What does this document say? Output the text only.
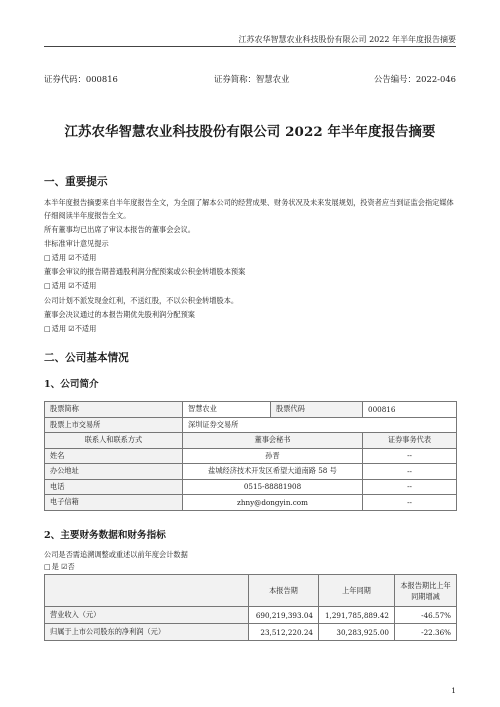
江苏农华智慧农业科技股份有限公司 2022 年半年度报告摘要
证券代码：000816	证券简称：智慧农业	公告编号：2022-046
江苏农华智慧农业科技股份有限公司 2022 年半年度报告摘要
一、重要提示
本半年度报告摘要来自半年度报告全文，为全面了解本公司的经营成果、财务状况及未来发展规划，投资者应当到证监会指定媒体仔细阅读半年度报告全文。
所有董事均已出席了审议本报告的董事会会议。
非标准审计意见提示
□适用 ☑不适用
董事会审议的报告期普通股利润分配预案或公积金转增股本预案
□适用 ☑不适用
公司计划不派发现金红利，不送红股，不以公积金转增股本。
董事会决议通过的本报告期优先股利润分配预案
□适用 ☑不适用
二、公司基本情况
1、公司简介
股票简称	智慧农业	股票代码	000816
股票上市交易所	深圳证券交易所		
联系人和联系方式	董事会秘书		证券事务代表
姓名	孙晋		--
办公地址	盐城经济技术开发区希望大道南路 58 号		--
电话	0515-88881908		--
电子信箱	zhny@dongyin.com		--
2、主要财务数据和财务指标
公司是否需追溯调整或重述以前年度会计数据
□是 ☑否
	本报告期	上年同期	本报告期比上年同期增减
营业收入（元）	690,219,393.04	1,291,785,889.42	-46.57%
归属于上市公司股东的净利润（元）	23,512,220.24	30,283,925.00	-22.36%
1
